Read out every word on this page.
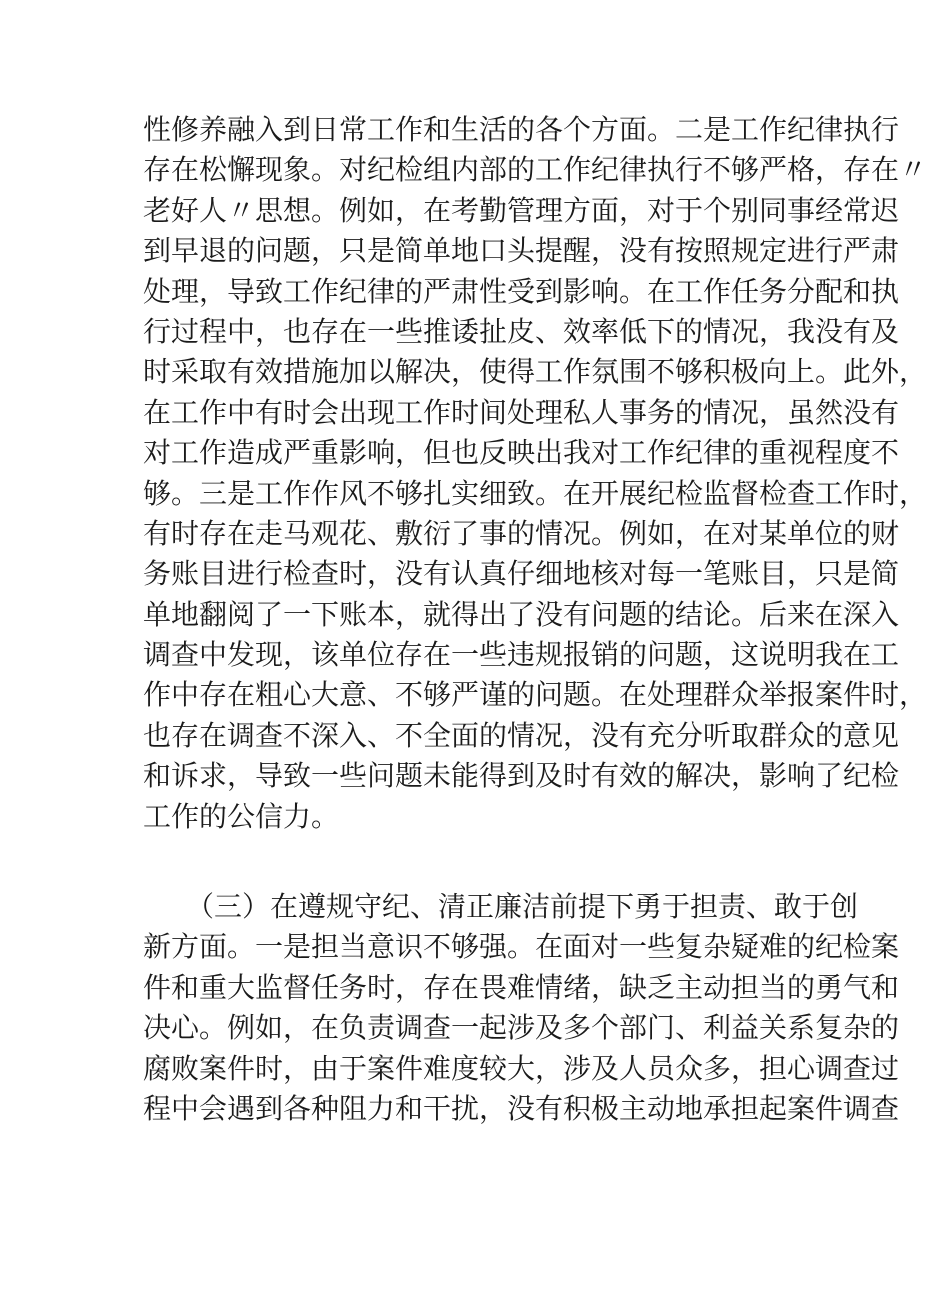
性修养融入到日常工作和生活的各个方面。二是工作纪律执行
存在松懈现象。对纪检组内部的工作纪律执行不够严格，存在〃
老好人〃思想。例如，在考勤管理方面，对于个别同事经常迟
到早退的问题，只是简单地口头提醒，没有按照规定进行严肃
处理，导致工作纪律的严肃性受到影响。在工作任务分配和执
行过程中，也存在一些推诿扯皮、效率低下的情况，我没有及
时采取有效措施加以解决，使得工作氛围不够积极向上。此外，
在工作中有时会出现工作时间处理私人事务的情况，虽然没有
对工作造成严重影响，但也反映出我对工作纪律的重视程度不
够。三是工作作风不够扎实细致。在开展纪检监督检查工作时，
有时存在走马观花、敷衍了事的情况。例如，在对某单位的财
务账目进行检查时，没有认真仔细地核对每一笔账目，只是简
单地翻阅了一下账本，就得出了没有问题的结论。后来在深入
调查中发现，该单位存在一些违规报销的问题，这说明我在工
作中存在粗心大意、不够严谨的问题。在处理群众举报案件时，
也存在调查不深入、不全面的情况，没有充分听取群众的意见
和诉求，导致一些问题未能得到及时有效的解决，影响了纪检
工作的公信力。
（三）在遵规守纪、清正廉洁前提下勇于担责、敢于创
新方面。一是担当意识不够强。在面对一些复杂疑难的纪检案
件和重大监督任务时，存在畏难情绪，缺乏主动担当的勇气和
决心。例如，在负责调查一起涉及多个部门、利益关系复杂的
腐败案件时，由于案件难度较大，涉及人员众多，担心调查过
程中会遇到各种阻力和干扰，没有积极主动地承担起案件调查
